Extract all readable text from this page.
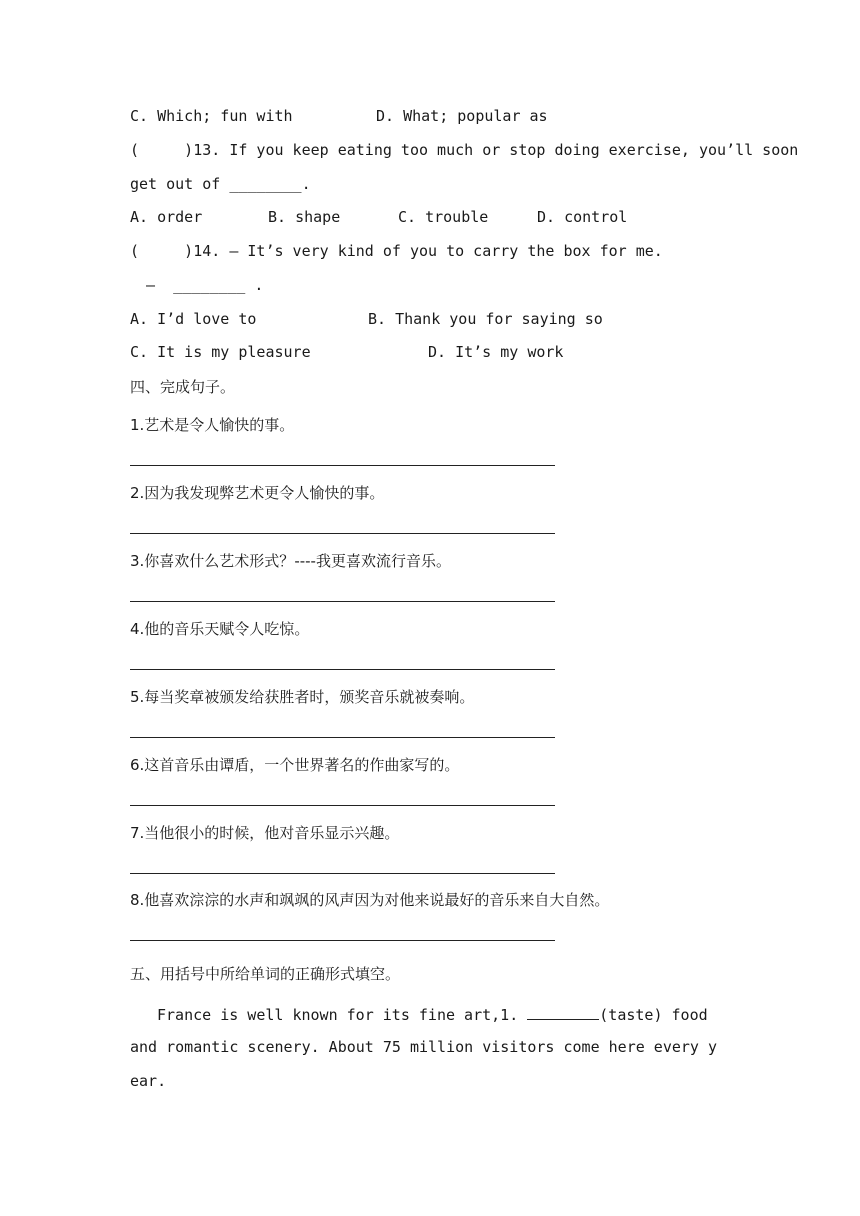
C. Which; fun with	D. What; popular as
(     )13. If you keep eating too much or stop doing exercise, you’ll soon
get out of ________.
A. order	B. shape	C. trouble	D. control
(     )14. — It’s very kind of you to carry the box for me.
—  ________ .
A. I’d love to	B. Thank you for saying so
C. It is my pleasure	D. It’s my work
四、完成句子。
1.艺术是令人愉快的事。
2.因为我发现弊艺术更令人愉快的事。
3.你喜欢什么艺术形式？----我更喜欢流行音乐。
4.他的音乐天赋令人吃惊。
5.每当奖章被颁发给获胜者时，颁奖音乐就被奏响。
6.这首音乐由谭盾，一个世界著名的作曲家写的。
7.当他很小的时候，他对音乐显示兴趣。
8.他喜欢淙淙的水声和飒飒的风声因为对他来说最好的音乐来自大自然。
五、用括号中所给单词的正确形式填空。
France is well known for its fine art,1.	(taste) food
and romantic scenery. About 75 million visitors come here every y
ear.
